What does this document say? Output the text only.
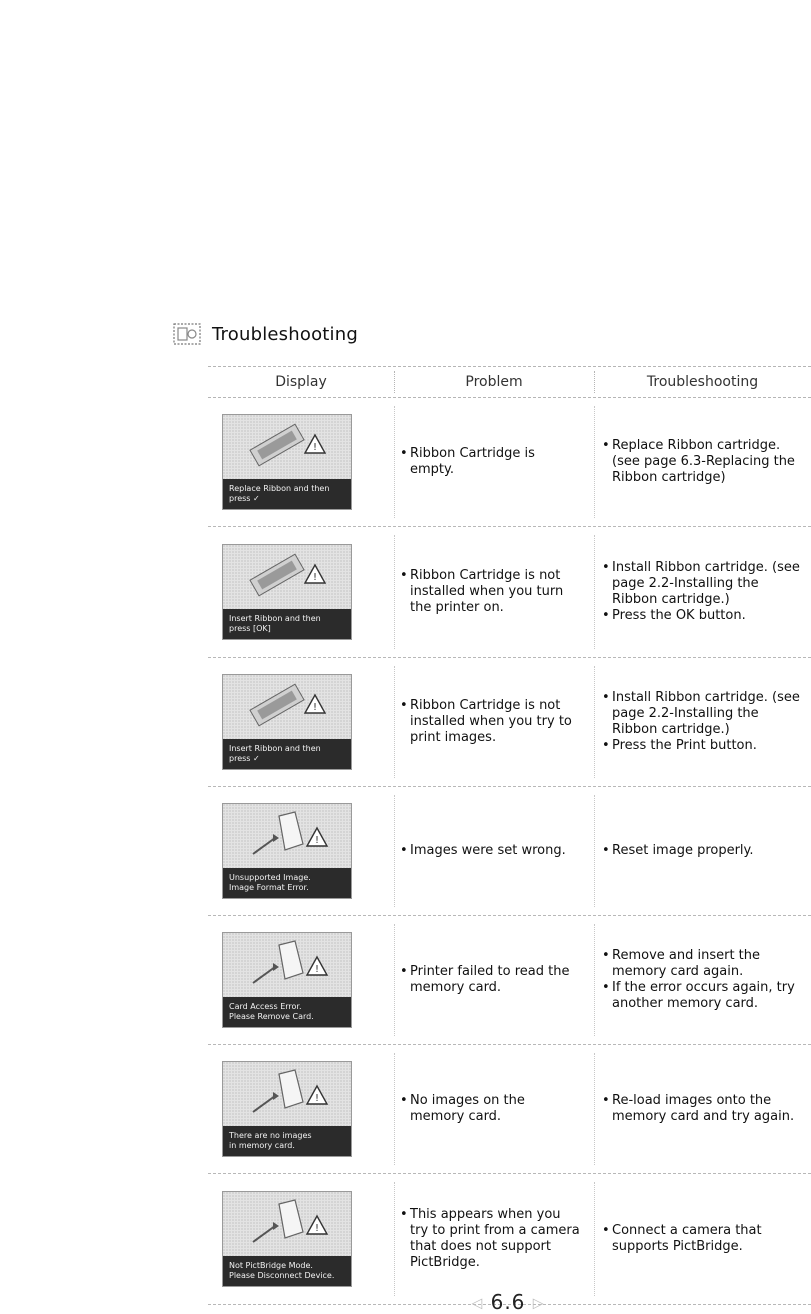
Troubleshooting
Display	Problem	Troubleshooting
!
Replace Ribbon and then
press ✓
• Ribbon Cartridge is empty.
• Replace Ribbon cartridge. (see page 6.3-Replacing the Ribbon cartridge)
!
Insert Ribbon and then
press [OK]
• Ribbon Cartridge is not installed when you turn the printer on.
• Install Ribbon cartridge. (see page 2.2-Installing the Ribbon cartridge.)
• Press the OK button.
!
Insert Ribbon and then
press ✓
• Ribbon Cartridge is not installed when you try to print images.
• Install Ribbon cartridge. (see page 2.2-Installing the Ribbon cartridge.)
• Press the Print button.
!
Unsupported Image.
Image Format Error.
• Images were set wrong.
•	Reset image properly.
!
Card Access Error.
Please Remove Card.
• Printer failed to read the memory card.
• Remove and insert the memory card again.
• If the error occurs again, try another memory card.
!
There are no images
in memory card.
• No images on the memory card.
• Re-load images onto the memory card and try again.
!
Not PictBridge Mode.
Please Disconnect Device.
• This appears when you try to print from a camera that does not support PictBridge.
• Connect a camera that supports PictBridge.
◁ 6.6 ▷
